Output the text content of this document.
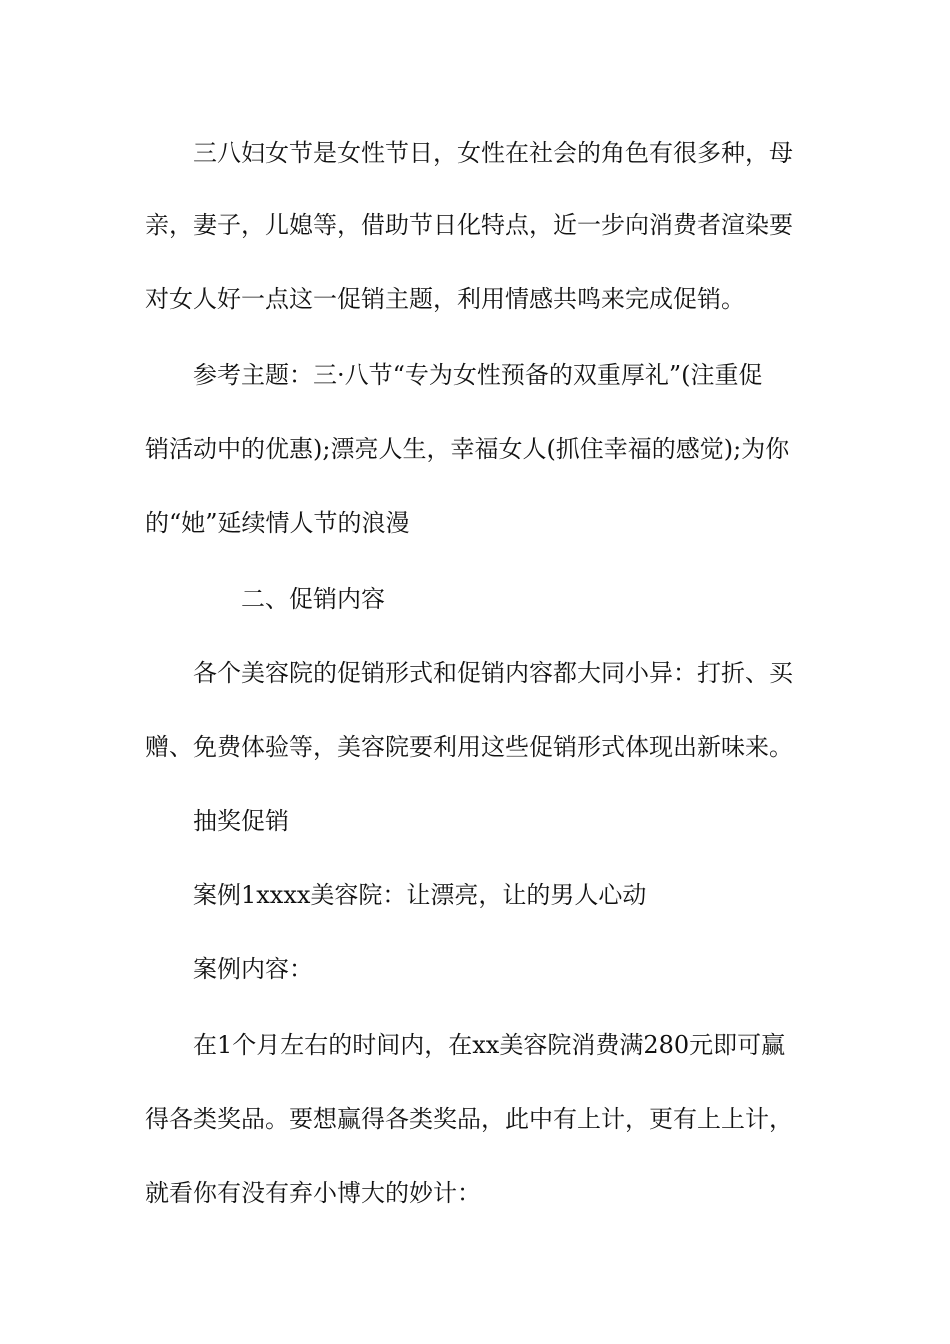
三八妇女节是女性节日，女性在社会的角色有很多种，母
亲，妻子，儿媳等，借助节日化特点，近一步向消费者渲染要
对女人好一点这一促销主题，利用情感共鸣来完成促销。
参考主题：三·八节“专为女性预备的双重厚礼”(注重促
销活动中的优惠);漂亮人生，幸福女人(抓住幸福的感觉);为你
的“她”延续情人节的浪漫
二、促销内容
各个美容院的促销形式和促销内容都大同小异：打折、买
赠、免费体验等，美容院要利用这些促销形式体现出新味来。
抽奖促销
案例1xxxx美容院：让漂亮，让的男人心动
案例内容：
在1个月左右的时间内，在xx美容院消费满280元即可赢
得各类奖品。要想赢得各类奖品，此中有上计，更有上上计，
就看你有没有弃小博大的妙计：
